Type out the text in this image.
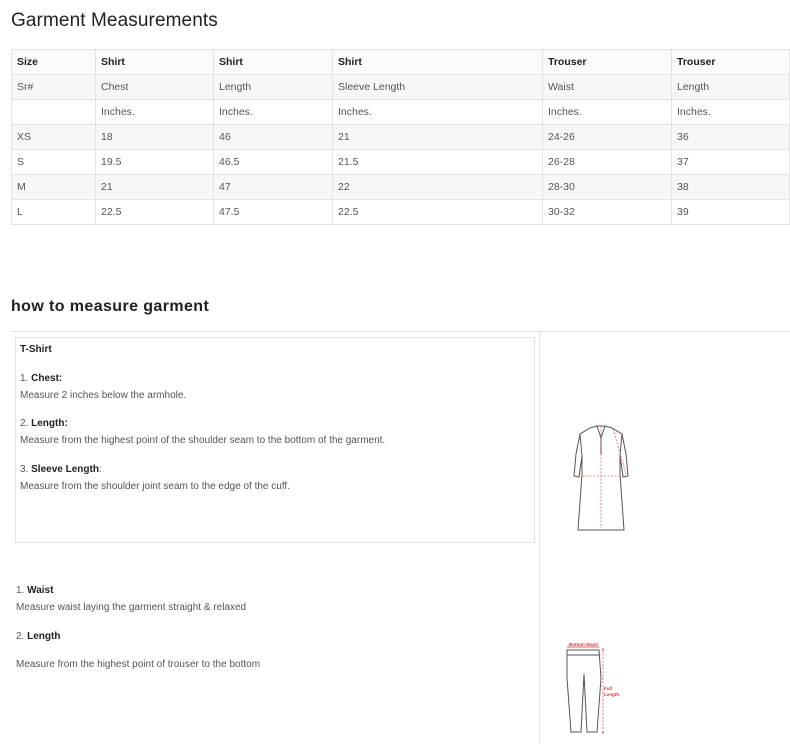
Garment Measurements
Size	Shirt	Shirt	Shirt	Trouser	Trouser
Sr#	Chest	Length	Sleeve Length	Waist	Length
	Inches.	Inches.	Inches.	Inches.	Inches.
XS	18	46	21	24-26	36
S	19.5	46.5	21.5	26-28	37
M	21	47	22	28-30	38
L	22.5	47.5	22.5	30-32	39
how to measure garment
T-Shirt
1. Chest:
Measure 2 inches below the armhole.
2. Length:
Measure from the highest point of the shoulder seam to the bottom of the garment.
3. Sleeve Length:
Measure from the shoulder joint seam to the edge of the cuff.
1. Waist
Measure waist laying the garment straight & relaxed
2. Length
Measure from the highest point of trouser to the bottom
Bottom Waist
Full
Length
